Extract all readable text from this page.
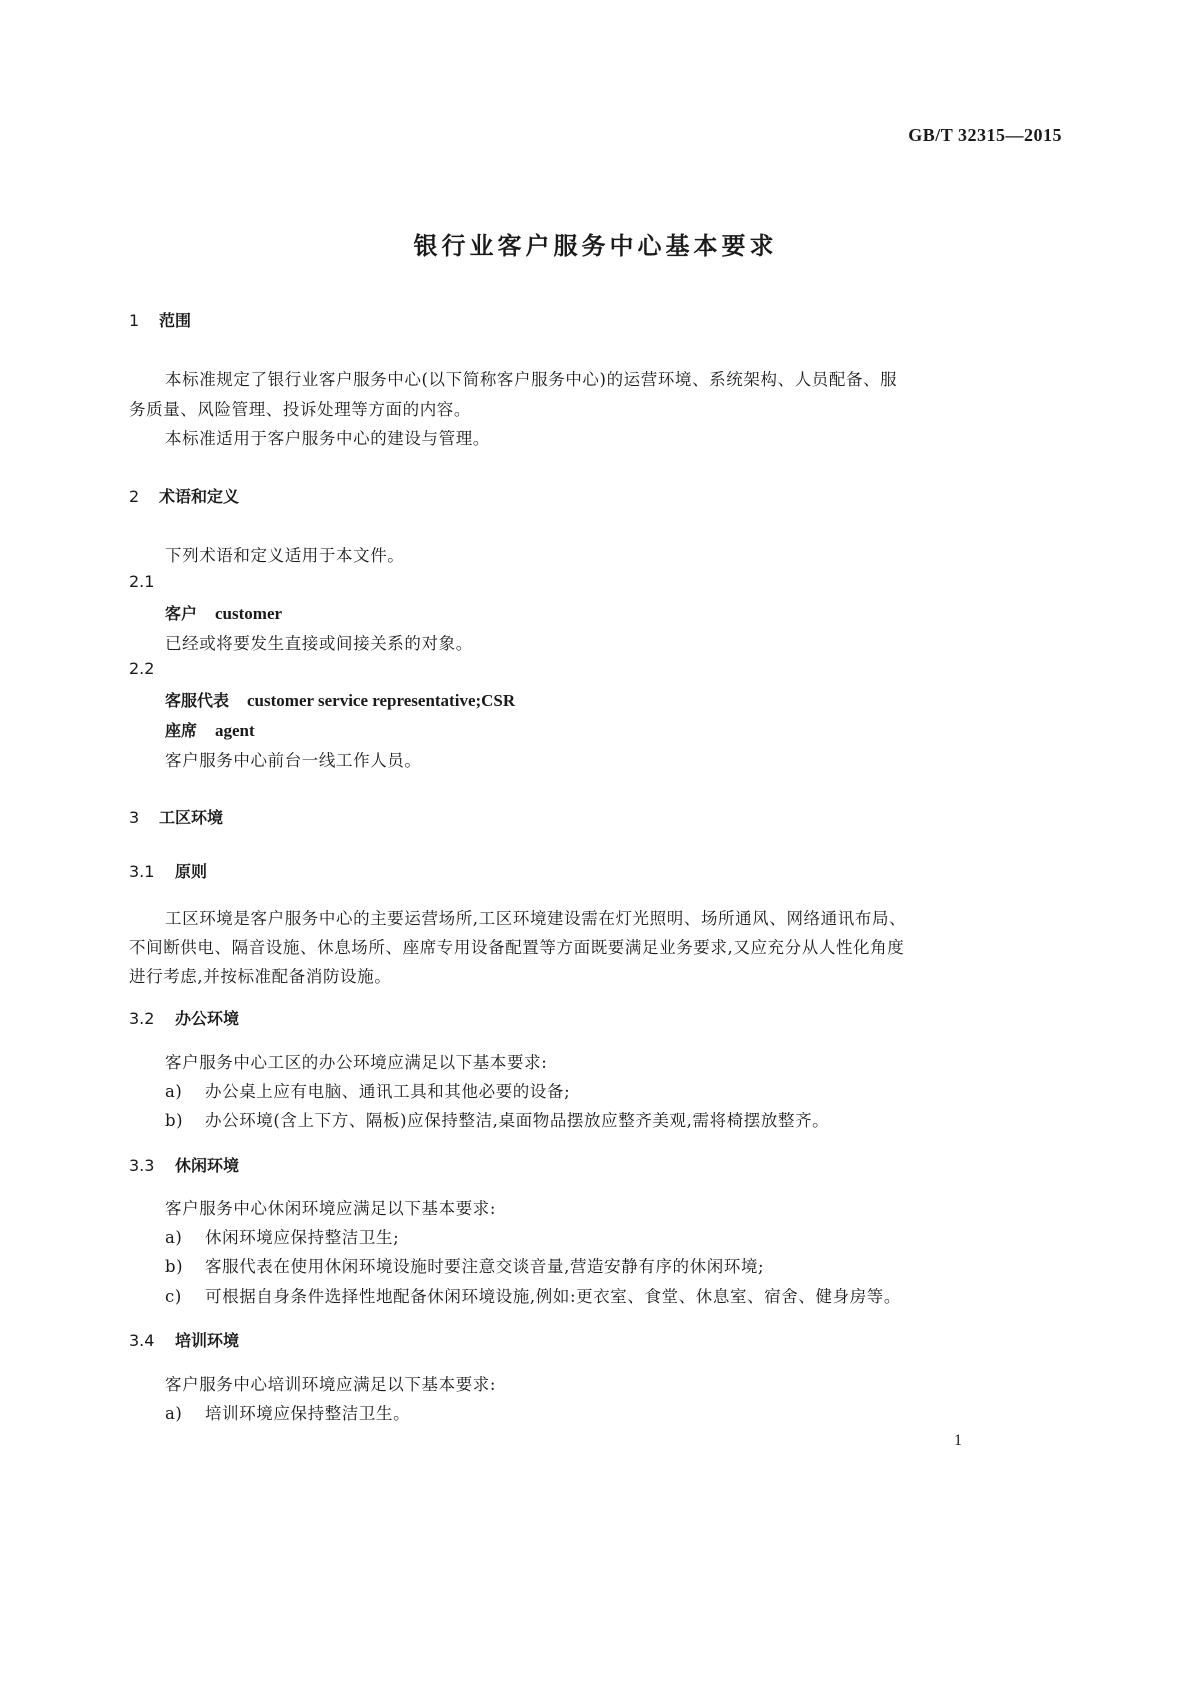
GB/T 32315—2015
银行业客户服务中心基本要求
1 范围
本标准规定了银行业客户服务中心(以下简称客户服务中心)的运营环境、系统架构、人员配备、服
务质量、风险管理、投诉处理等方面的内容。
本标准适用于客户服务中心的建设与管理。
2 术语和定义
下列术语和定义适用于本文件。
2.1
客户 customer
已经或将要发生直接或间接关系的对象。
2.2
客服代表 customer service representative;CSR
座席 agent
客户服务中心前台一线工作人员。
3 工区环境
3.1 原则
工区环境是客户服务中心的主要运营场所,工区环境建设需在灯光照明、场所通风、网络通讯布局、
不间断供电、隔音设施、休息场所、座席专用设备配置等方面既要满足业务要求,又应充分从人性化角度
进行考虑,并按标准配备消防设施。
3.2 办公环境
客户服务中心工区的办公环境应满足以下基本要求:
a) 办公桌上应有电脑、通讯工具和其他必要的设备;
b) 办公环境(含上下方、隔板)应保持整洁,桌面物品摆放应整齐美观,需将椅摆放整齐。
3.3 休闲环境
客户服务中心休闲环境应满足以下基本要求:
a) 休闲环境应保持整洁卫生;
b) 客服代表在使用休闲环境设施时要注意交谈音量,营造安静有序的休闲环境;
c) 可根据自身条件选择性地配备休闲环境设施,例如:更衣室、食堂、休息室、宿舍、健身房等。
3.4 培训环境
客户服务中心培训环境应满足以下基本要求:
a) 培训环境应保持整洁卫生。
1
